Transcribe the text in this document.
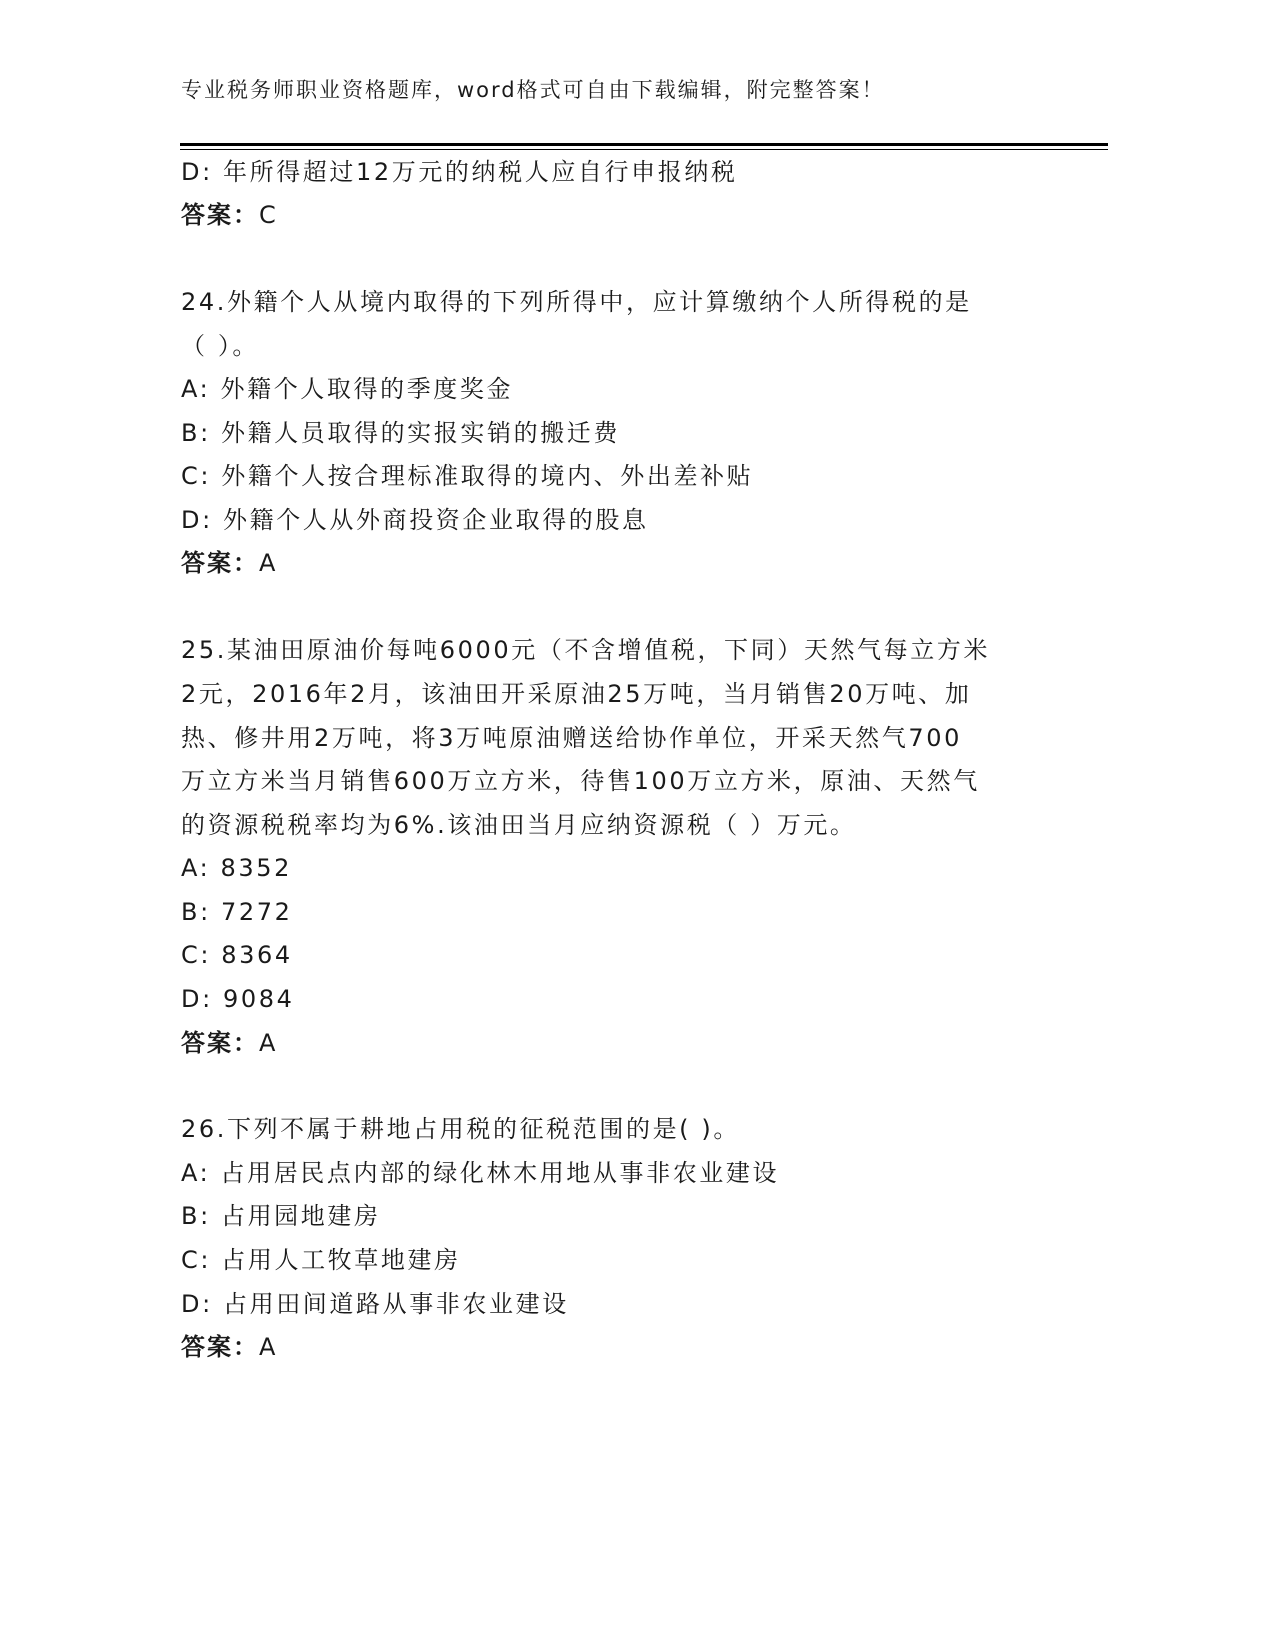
专业税务师职业资格题库，word格式可自由下载编辑，附完整答案！
D: 年所得超过12万元的纳税人应自行申报纳税
答案：C
24.外籍个人从境内取得的下列所得中，应计算缴纳个人所得税的是
（ ）。
A: 外籍个人取得的季度奖金
B: 外籍人员取得的实报实销的搬迁费
C: 外籍个人按合理标准取得的境内、外出差补贴
D: 外籍个人从外商投资企业取得的股息
答案：A
25.某油田原油价每吨6000元（不含增值税，下同）天然气每立方米
2元，2016年2月，该油田开采原油25万吨，当月销售20万吨、加
热、修井用2万吨，将3万吨原油赠送给协作单位，开采天然气700
万立方米当月销售600万立方米，待售100万立方米，原油、天然气
的资源税税率均为6%.该油田当月应纳资源税（ ）万元。
A: 8352
B: 7272
C: 8364
D: 9084
答案：A
26.下列不属于耕地占用税的征税范围的是( )。
A: 占用居民点内部的绿化林木用地从事非农业建设
B: 占用园地建房
C: 占用人工牧草地建房
D: 占用田间道路从事非农业建设
答案：A
